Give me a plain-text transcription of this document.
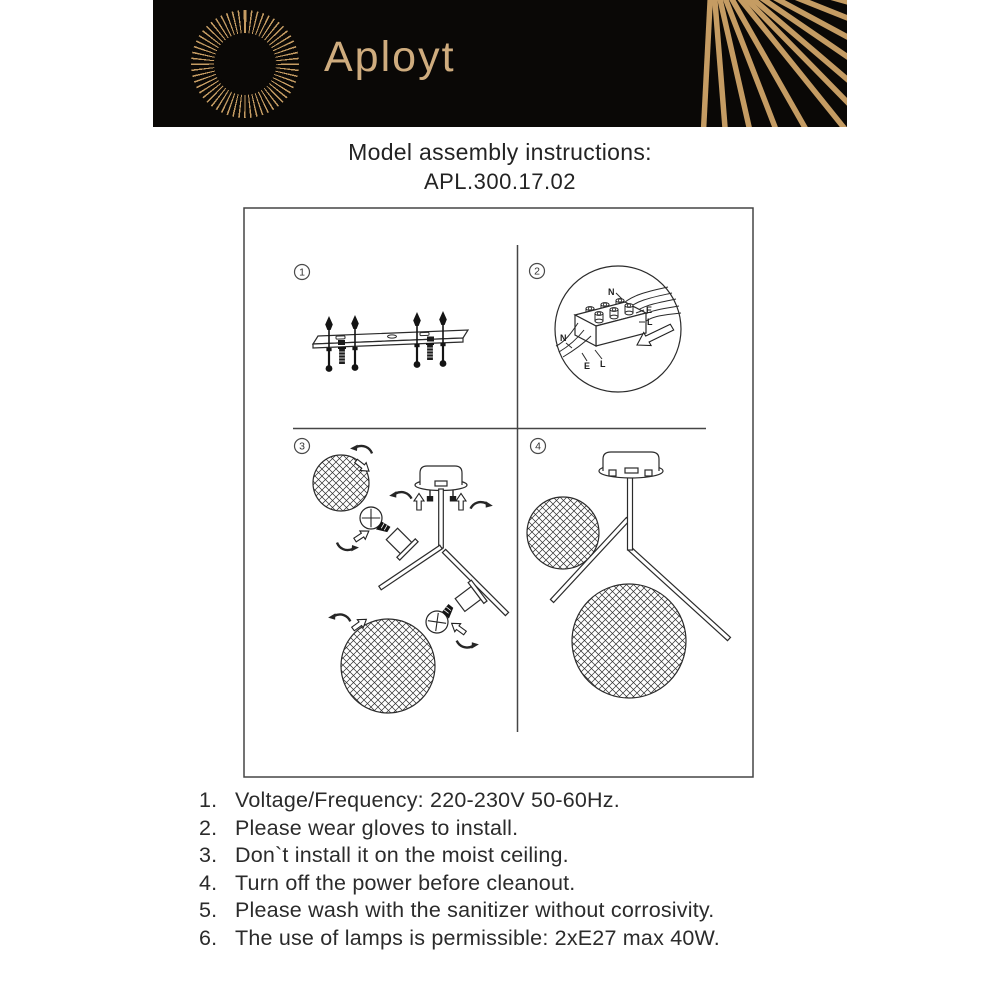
Aployt
Model assembly instructions:
APL.300.17.02
1	2
N
E
L
N
E L
3	4
1. Voltage/Frequency: 220-230V 50-60Hz.
2. Please wear gloves to install.
3. Don`t install it on the moist ceiling.
4. Turn off the power before cleanout.
5. Please wash with the sanitizer without corrosivity.
6. The use of lamps is permissible: 2xE27 max 40W.
